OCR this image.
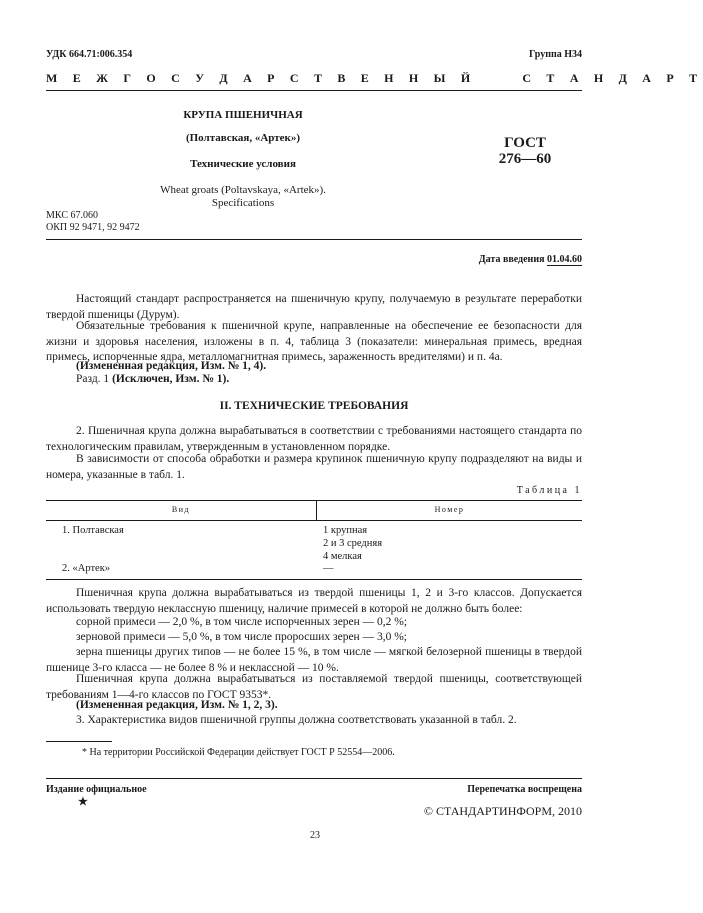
УДК 664.71:006.354	Группа Н34
М Е Ж Г О С У Д А Р С Т В Е Н Н Ы Й     С Т А Н Д А Р Т
КРУПА ПШЕНИЧНАЯ
(Полтавская, «Артек»)
Технические условия
Wheat groats (Poltavskaya, «Artek»).
Specifications
ГОСТ
276—60
МКС 67.060
ОКП 92 9471, 92 9472
Дата введения 01.04.60
Настоящий стандарт распространяется на пшеничную крупу, получаемую в результате переработки твердой пшеницы (Дурум).
Обязательные требования к пшеничной крупе, направленные на обеспечение ее безопасности для жизни и здоровья населения, изложены в п. 4, таблица 3 (показатели: минеральная примесь, вредная примесь, испорченные ядра, металломагнитная примесь, зараженность вредителями) и п. 4а.
(Измененная редакция, Изм. № 1, 4).
Разд. 1 (Исключен, Изм. № 1).
II. ТЕХНИЧЕСКИЕ ТРЕБОВАНИЯ
2. Пшеничная крупа должна вырабатываться в соответствии с требованиями настоящего стандарта по технологическим правилам, утвержденным в установленном порядке.
В зависимости от способа обработки и размера крупинок пшеничную крупу подразделяют на виды и номера, указанные в табл. 1.
Таблица 1
Вид	Номер
1. Полтавская	1 крупная
2 и 3 средняя
4 мелкая
2. «Артек»	—
Пшеничная крупа должна вырабатываться из твердой пшеницы 1, 2 и 3-го классов. Допускается использовать твердую неклассную пшеницу, наличие примесей в которой не должно быть более:
сорной примеси — 2,0 %, в том числе испорченных зерен — 0,2 %;
зерновой примеси — 5,0 %, в том числе проросших зерен — 3,0 %;
зерна пшеницы других типов — не более 15 %, в том числе — мягкой белозерной пшеницы в твердой пшенице 3-го класса — не более 8 % и неклассной — 10 %.
Пшеничная крупа должна вырабатываться из поставляемой твердой пшеницы, соответствующей требованиям 1—4-го классов по ГОСТ 9353*.
(Измененная редакция, Изм. № 1, 2, 3).
3. Характеристика видов пшеничной группы должна соответствовать указанной в табл. 2.
* На территории Российской Федерации действует ГОСТ Р 52554—2006.
Издание официальное
★
Перепечатка воспрещена
© СТАНДАРТИНФОРМ, 2010
23
